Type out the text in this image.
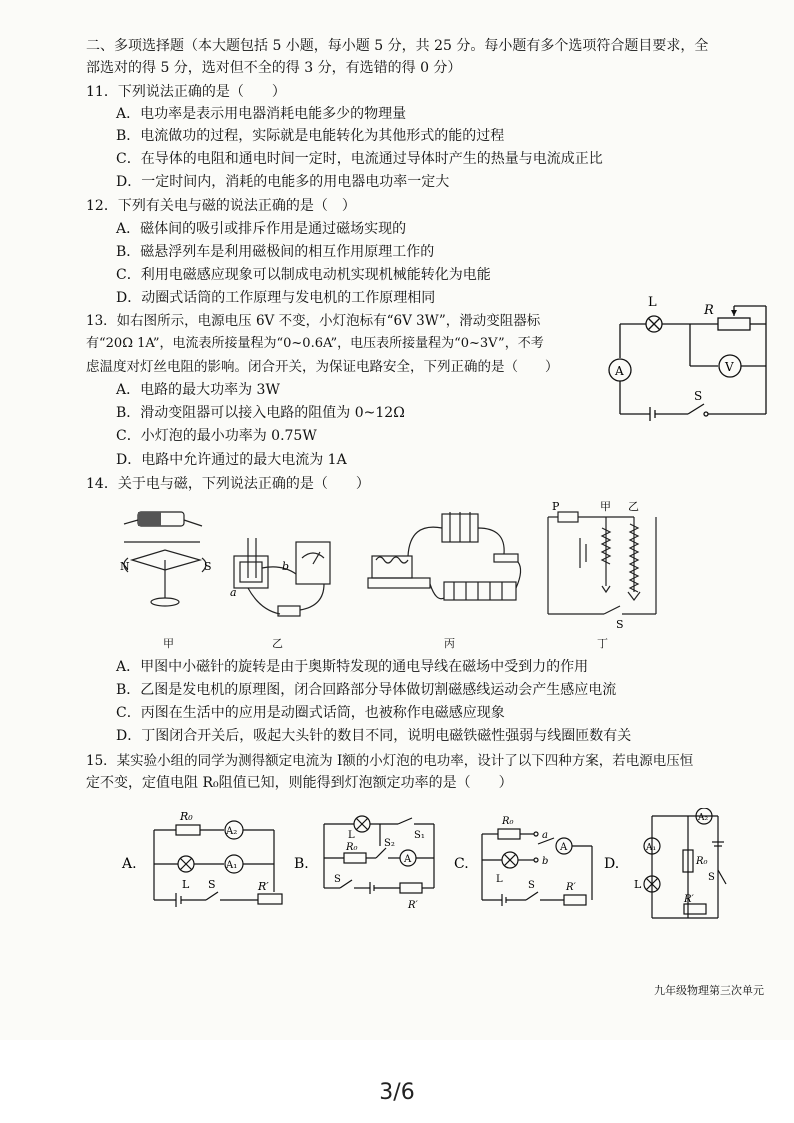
二、多项选择题（本大题包括 5 小题，每小题 5 分，共 25 分。每小题有多个选项符合题目要求，全
部选对的得 5 分，选对但不全的得 3 分，有选错的得 0 分）
11．下列说法正确的是（　　）
A．电功率是表示用电器消耗电能多少的物理量
B．电流做功的过程，实际就是电能转化为其他形式的能的过程
C．在导体的电阻和通电时间一定时，电流通过导体时产生的热量与电流成正比
D．一定时间内，消耗的电能多的用电器电功率一定大
12．下列有关电与磁的说法正确的是（　）
A．磁体间的吸引或排斥作用是通过磁场实现的
B．磁悬浮列车是利用磁极间的相互作用原理工作的
C．利用电磁感应现象可以制成电动机实现机械能转化为电能
D．动圈式话筒的工作原理与发电机的工作原理相同
13．如右图所示，电源电压 6V 不变，小灯泡标有“6V 3W”，滑动变阻器标
有“20Ω 1A”，电流表所接量程为“0~0.6A”，电压表所接量程为“0~3V”，不考
虑温度对灯丝电阻的影响。闭合开关，为保证电路安全，下列正确的是（　　）
A．电路的最大功率为 3W
B．滑动变阻器可以接入电路的阻值为 0~12Ω
C．小灯泡的最小功率为 0.75W
D．电路中允许通过的最大电流为 1A
L
R
A	V
S
14．关于电与磁，下列说法正确的是（　　）
N	S
a
b
P	甲 乙
S
甲	乙	丙	丁
A．甲图中小磁针的旋转是由于奥斯特发现的通电导线在磁场中受到力的作用
B．乙图是发电机的原理图，闭合回路部分导体做切割磁感线运动会产生感应电流
C．丙图在生活中的应用是动圈式话筒，也被称作电磁感应现象
D．丁图闭合开关后，吸起大头针的数目不同，说明电磁铁磁性强弱与线圈匝数有关
15．某实验小组的同学为测得额定电流为 I额的小灯泡的电功率，设计了以下四种方案，若电源电压恒
定不变，定值电阻 R₀阻值已知，则能得到灯泡额定功率的是（　　）
A.	B.	C.	D.
R₀
A₂
A₁
L S	R′
L	S₁
S₂
R₀
A
S
R′
R₀
a
b
A
L
S	R′
A₂
A₁
L
R₀
S
R′
九年级物理第三次单元
3/6
